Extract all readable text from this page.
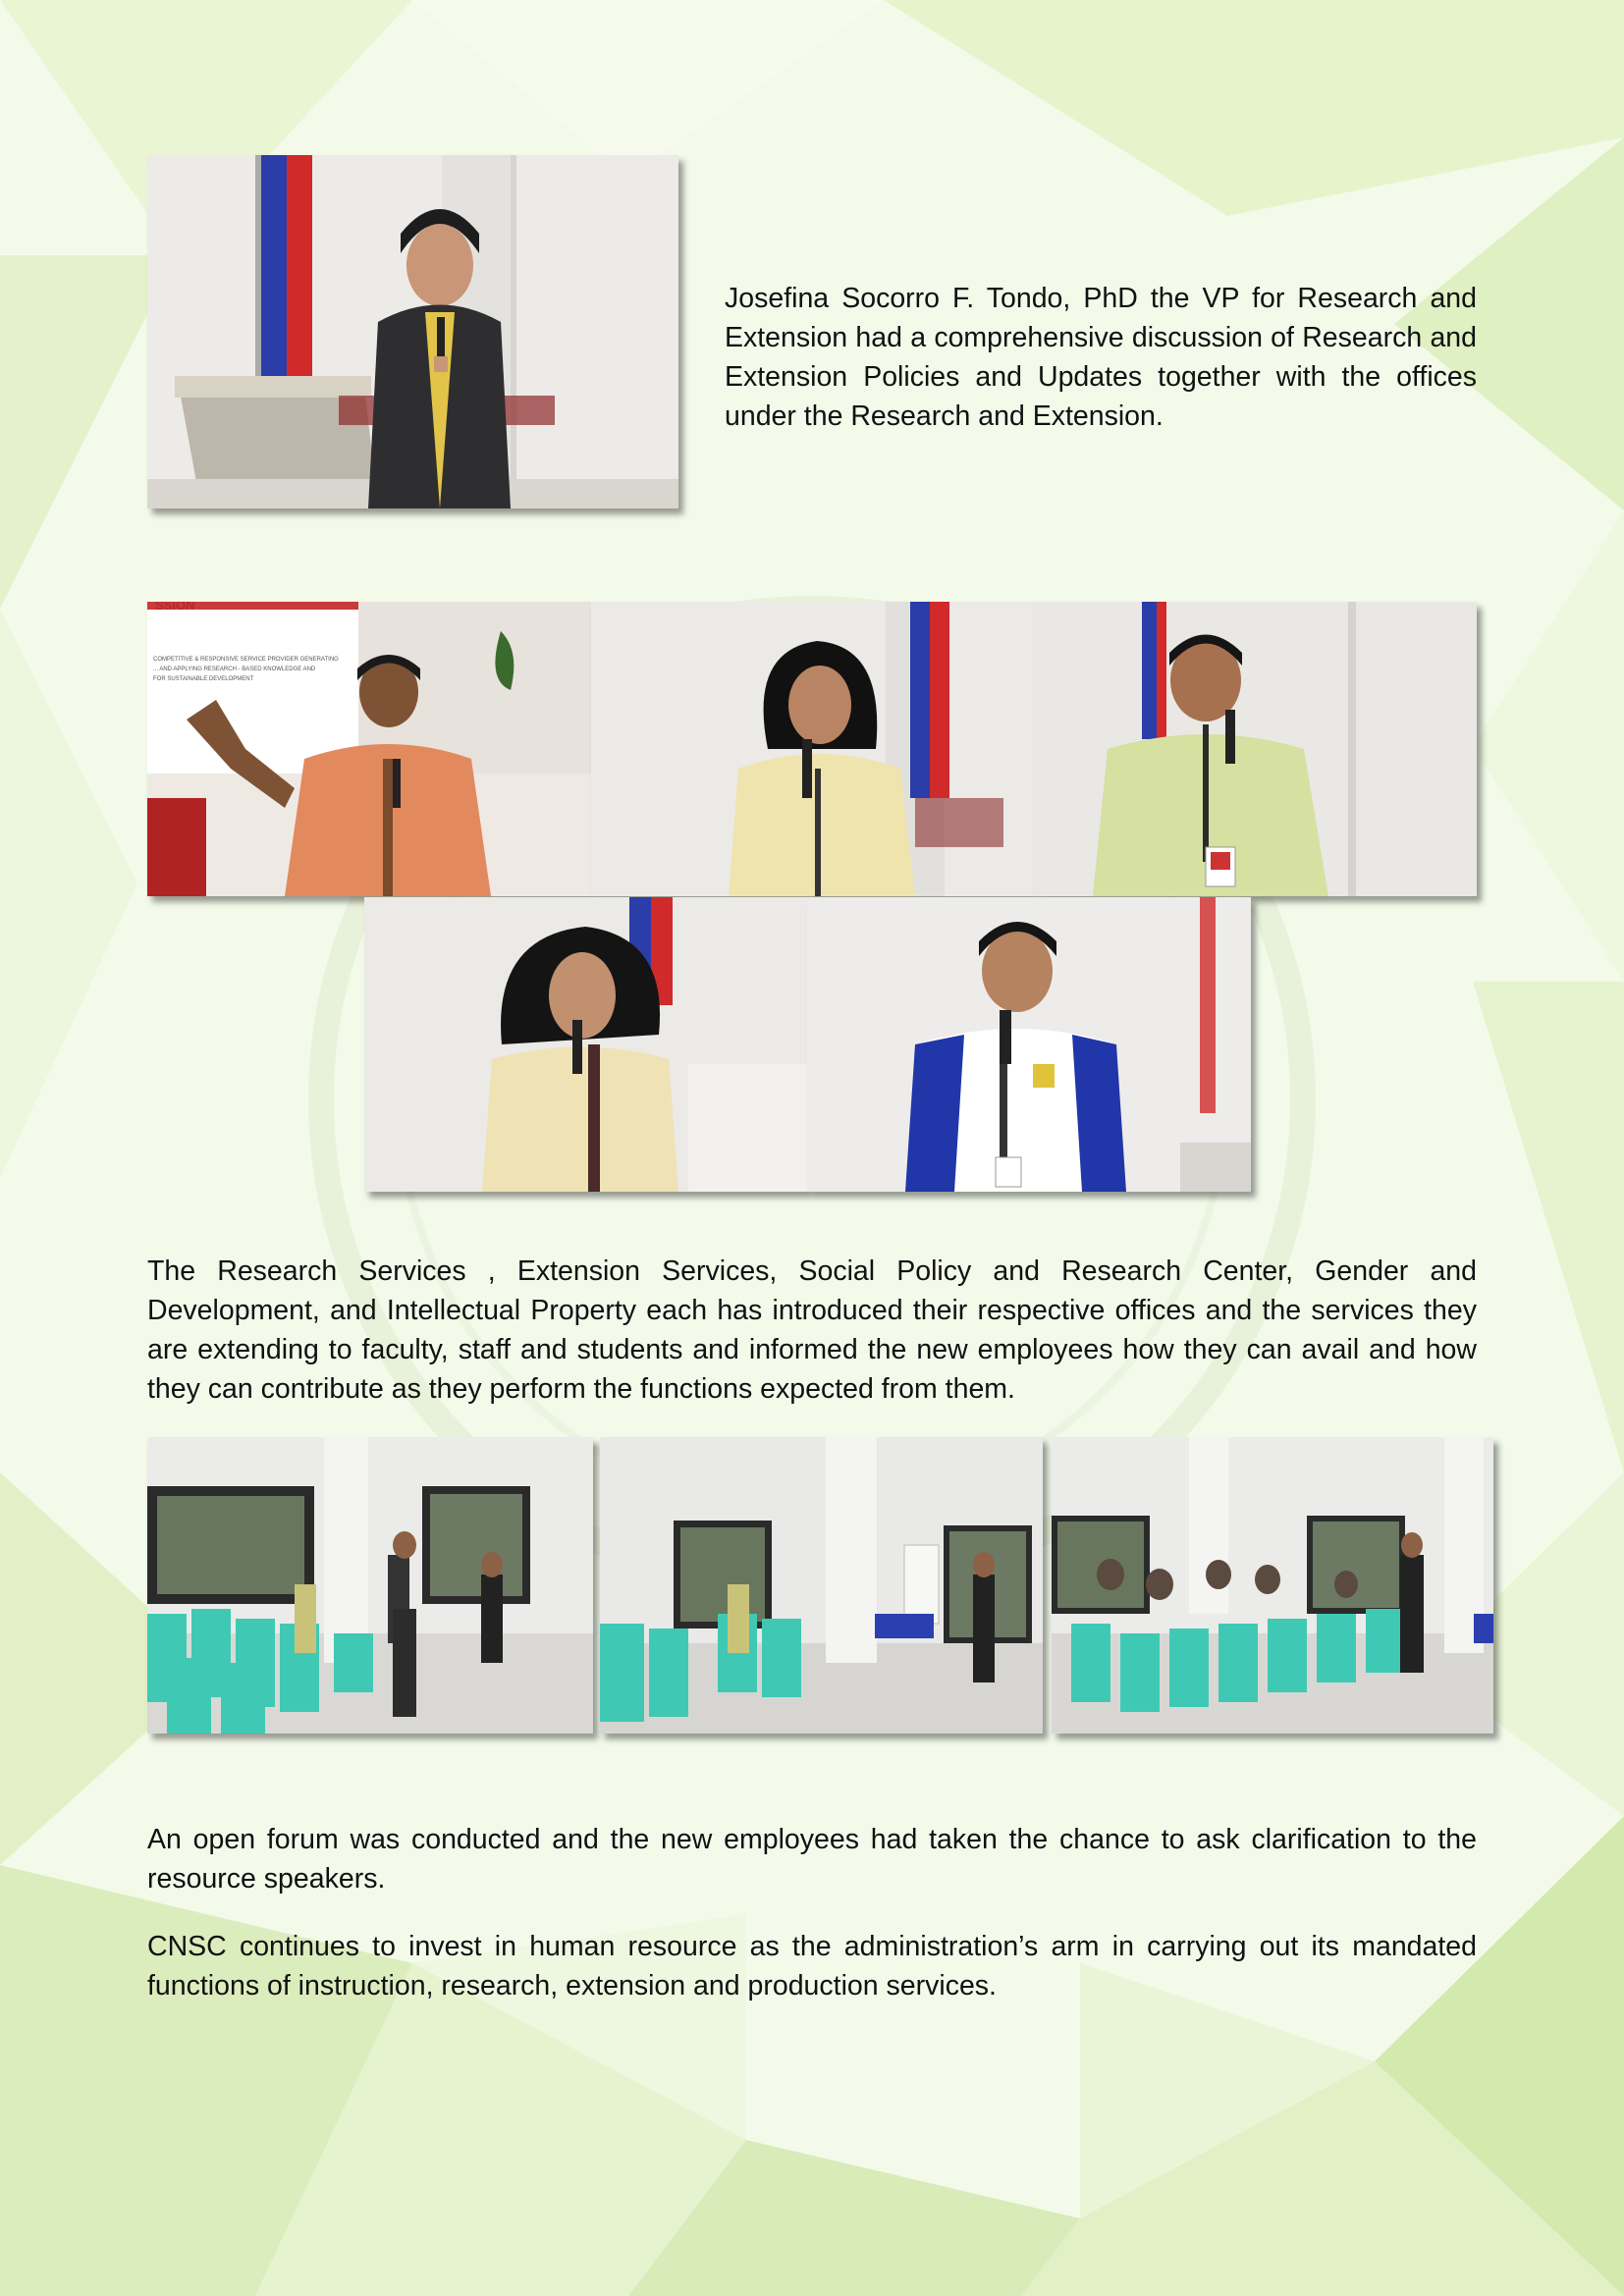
Josefina Socorro F. Tondo, PhD the VP for Research and Extension had a comprehensive discussion of Research and Extension Policies and Updates together with the offices under the Research and Extension.

SSION
COMPETITIVE & RESPONSIVE SERVICE PROVIDER GENERATING
... AND APPLYING RESEARCH - BASED KNOWLEDGE AND
FOR SUSTAINABLE DEVELOPMENT

The Research Services , Extension Services, Social Policy and Research Center, Gender and Development, and Intellectual Property each has introduced their respective offices and the services they are extending to faculty, staff and students and informed the new employees how they can avail and how they can contribute as they perform the functions expected from them.

An open forum was conducted and the new employees had taken the chance to ask clarification to the resource speakers.

CNSC continues to invest in human resource as the administration’s arm in carrying out its mandated functions of instruction, research, extension and production services.
